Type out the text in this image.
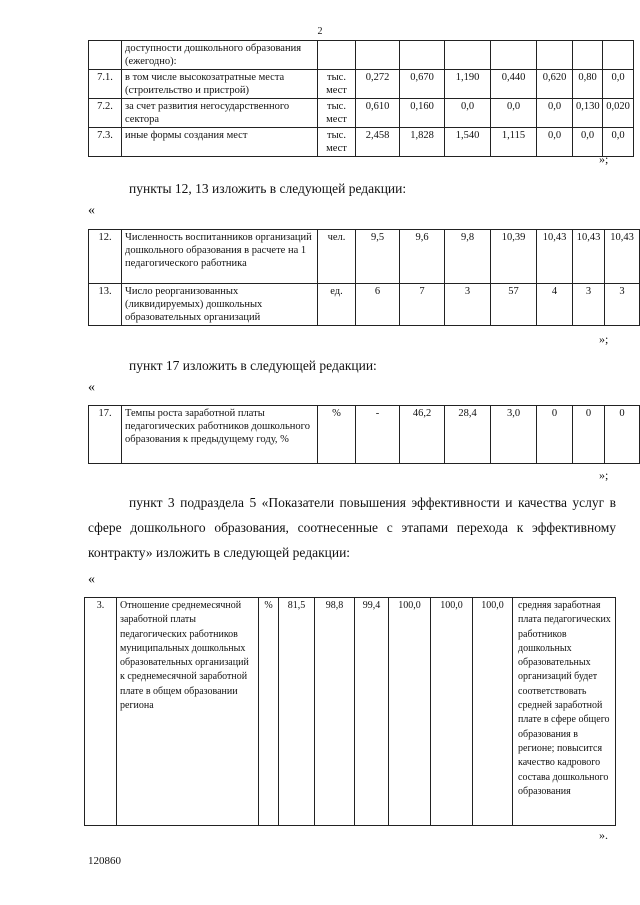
2
	доступности дошкольного образования (ежегодно):								
7.1.	в том числе высокозатратные места (строительство и пристрой)	тыс. мест	0,272	0,670	1,190	0,440	0,620	0,80	0,0
7.2.	за счет развития негосударственного сектора	тыс. мест	0,610	0,160	0,0	0,0	0,0	0,130	0,020
7.3.	иные формы создания мест	тыс. мест	2,458	1,828	1,540	1,115	0,0	0,0	0,0
»;
пункты 12, 13 изложить в следующей редакции:
«
12.	Численность воспитанников организаций дошкольного образования в расчете на 1 педагогического работника	чел.	9,5	9,6	9,8	10,39	10,43	10,43	10,43
13.	Число реорганизованных (ликвидируемых) дошкольных образовательных организаций	ед.	6	7	3	57	4	3	3
»;
пункт 17 изложить в следующей редакции:
«
17.	Темпы роста заработной платы педагогических работников дошкольного образования к предыдущему году, %	%	-	46,2	28,4	3,0	0	0	0
»;
пункт 3 подраздела 5 «Показатели повышения эффективности и качества услуг в сфере дошкольного образования, соотнесенные с этапами перехода к эффективному контракту» изложить в следующей редакции:
«
3.	Отношение среднемесячной заработной платы педагогических работников муниципальных дошкольных образовательных организаций к среднемесячной заработной плате в общем образовании региона	%	81,5	98,8	99,4	100,0	100,0	100,0	средняя заработная плата педагогических работников дошкольных образовательных организаций будет соответствовать средней заработной плате в сфере общего образования в регионе; повысится качество кадрового состава дошкольного образования
».
120860
